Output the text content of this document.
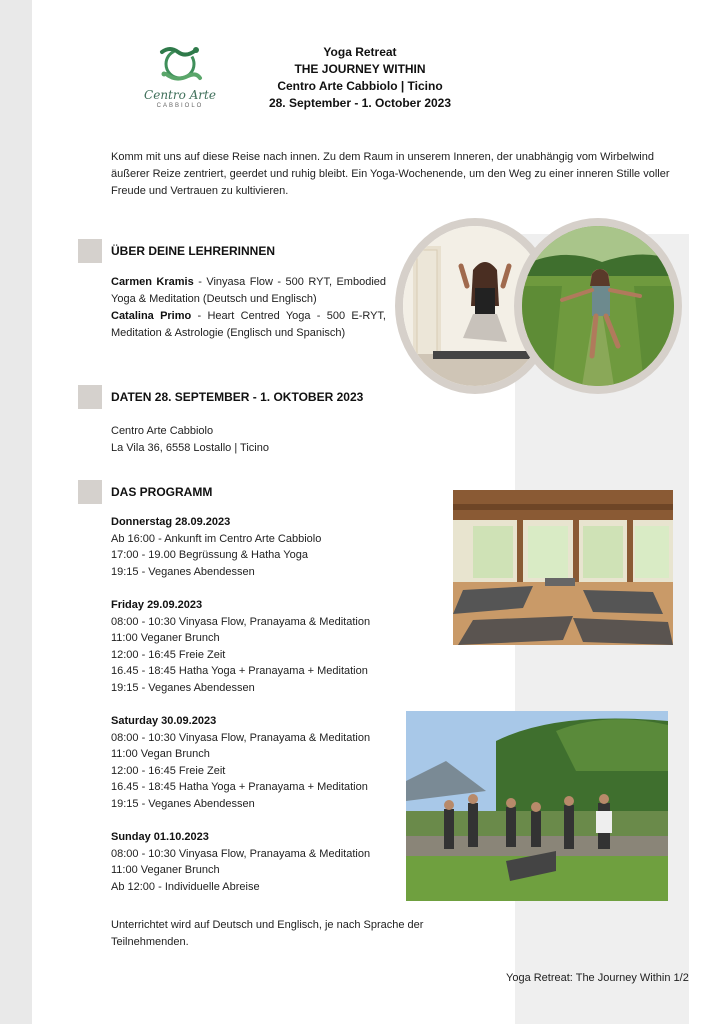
Centro Arte
CABBIOLO
Yoga Retreat
THE JOURNEY WITHIN
Centro Arte Cabbiolo | Ticino
28. September - 1. October 2023
Komm mit uns auf diese Reise nach innen. Zu dem Raum in unserem Inneren, der unabhängig vom Wirbelwind äußerer Reize zentriert, geerdet und ruhig bleibt. Ein Yoga-Wochenende, um den Weg zu einer inneren Stille voller Freude und Vertrauen zu kultivieren.
ÜBER DEINE LEHRERINNEN
Carmen Kramis - Vinyasa Flow - 500 RYT, Embodied Yoga & Meditation (Deutsch und Englisch)
Catalina Primo - Heart Centred Yoga - 500 E-RYT, Meditation & Astrologie (Englisch und Spanisch)
DATEN 28. SEPTEMBER - 1. OKTOBER 2023
Centro Arte Cabbiolo
La Vila 36, 6558 Lostallo | Ticino
DAS PROGRAMM
Donnerstag 28.09.2023
Ab 16:00 - Ankunft im Centro Arte Cabbiolo
17:00 - 19.00 Begrüssung & Hatha Yoga
19:15 - Veganes Abendessen
Friday 29.09.2023
08:00 - 10:30 Vinyasa Flow, Pranayama & Meditation
11:00 Veganer Brunch
12:00 - 16:45 Freie Zeit
16.45 - 18:45 Hatha Yoga + Pranayama + Meditation
19:15 - Veganes Abendessen
Saturday 30.09.2023
08:00 - 10:30 Vinyasa Flow, Pranayama & Meditation
11:00 Vegan Brunch
12:00 - 16:45 Freie Zeit
16.45 - 18:45 Hatha Yoga + Pranayama + Meditation
19:15 - Veganes Abendessen
Sunday 01.10.2023
08:00 - 10:30 Vinyasa Flow, Pranayama & Meditation
11:00 Veganer Brunch
Ab 12:00 - Individuelle Abreise
Unterrichtet wird auf Deutsch und Englisch, je nach Sprache der Teilnehmenden.
Yoga Retreat: The Journey Within 1/2
